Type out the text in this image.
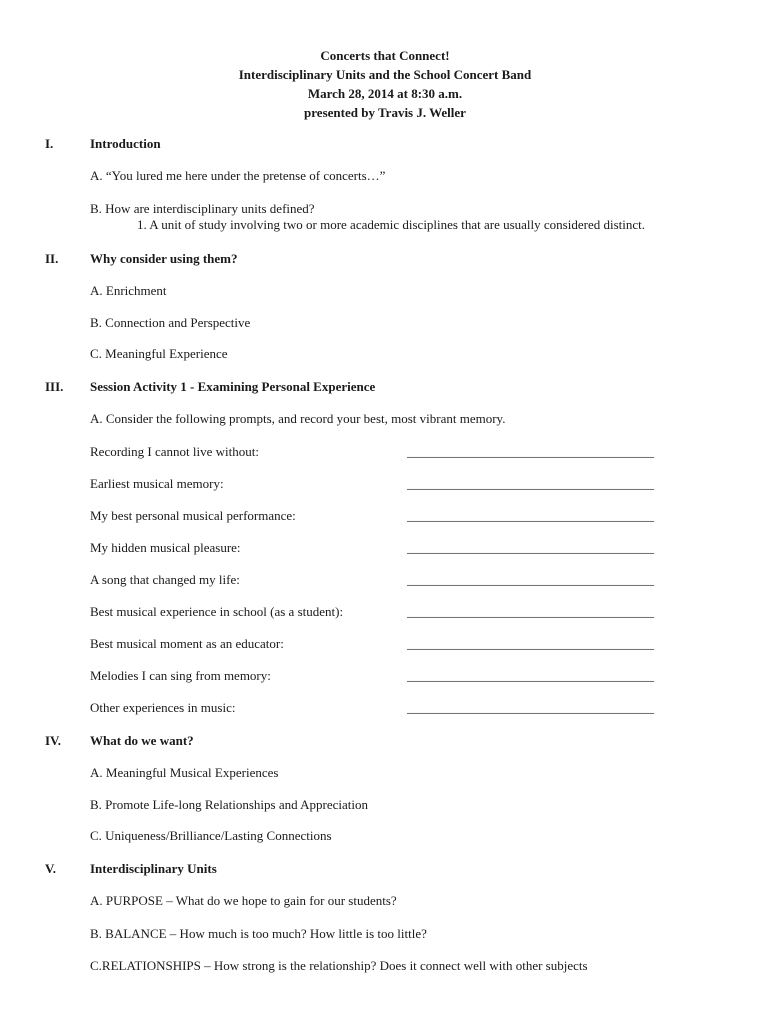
Concerts that Connect!
Interdisciplinary Units and the School Concert Band
March 28, 2014 at 8:30 a.m.
presented by Travis J. Weller
I.	Introduction
A. “You lured me here under the pretense of concerts…”
B. How are interdisciplinary units defined?
1. A unit of study involving two or more academic disciplines that are usually considered distinct.
II. Why consider using them?
A. Enrichment
B. Connection and Perspective
C. Meaningful Experience
III. Session Activity 1 - Examining Personal Experience
A. Consider the following prompts, and record your best, most vibrant memory.
Recording I cannot live without:	______________________________________
Earliest musical memory:	______________________________________
My best personal musical performance:	______________________________________
My hidden musical pleasure:	______________________________________
A song that changed my life:	______________________________________
Best musical experience in school (as a student):	______________________________________
Best musical moment as an educator:	______________________________________
Melodies I can sing from memory:	______________________________________
Other experiences in music:	______________________________________
IV. What do we want?
A. Meaningful Musical Experiences
B. Promote Life-long Relationships and Appreciation
C. Uniqueness/Brilliance/Lasting Connections
V.	Interdisciplinary Units
A. PURPOSE – What do we hope to gain for our students?
B. BALANCE – How much is too much? How little is too little?
C.RELATIONSHIPS – How strong is the relationship? Does it connect well with other subjects
